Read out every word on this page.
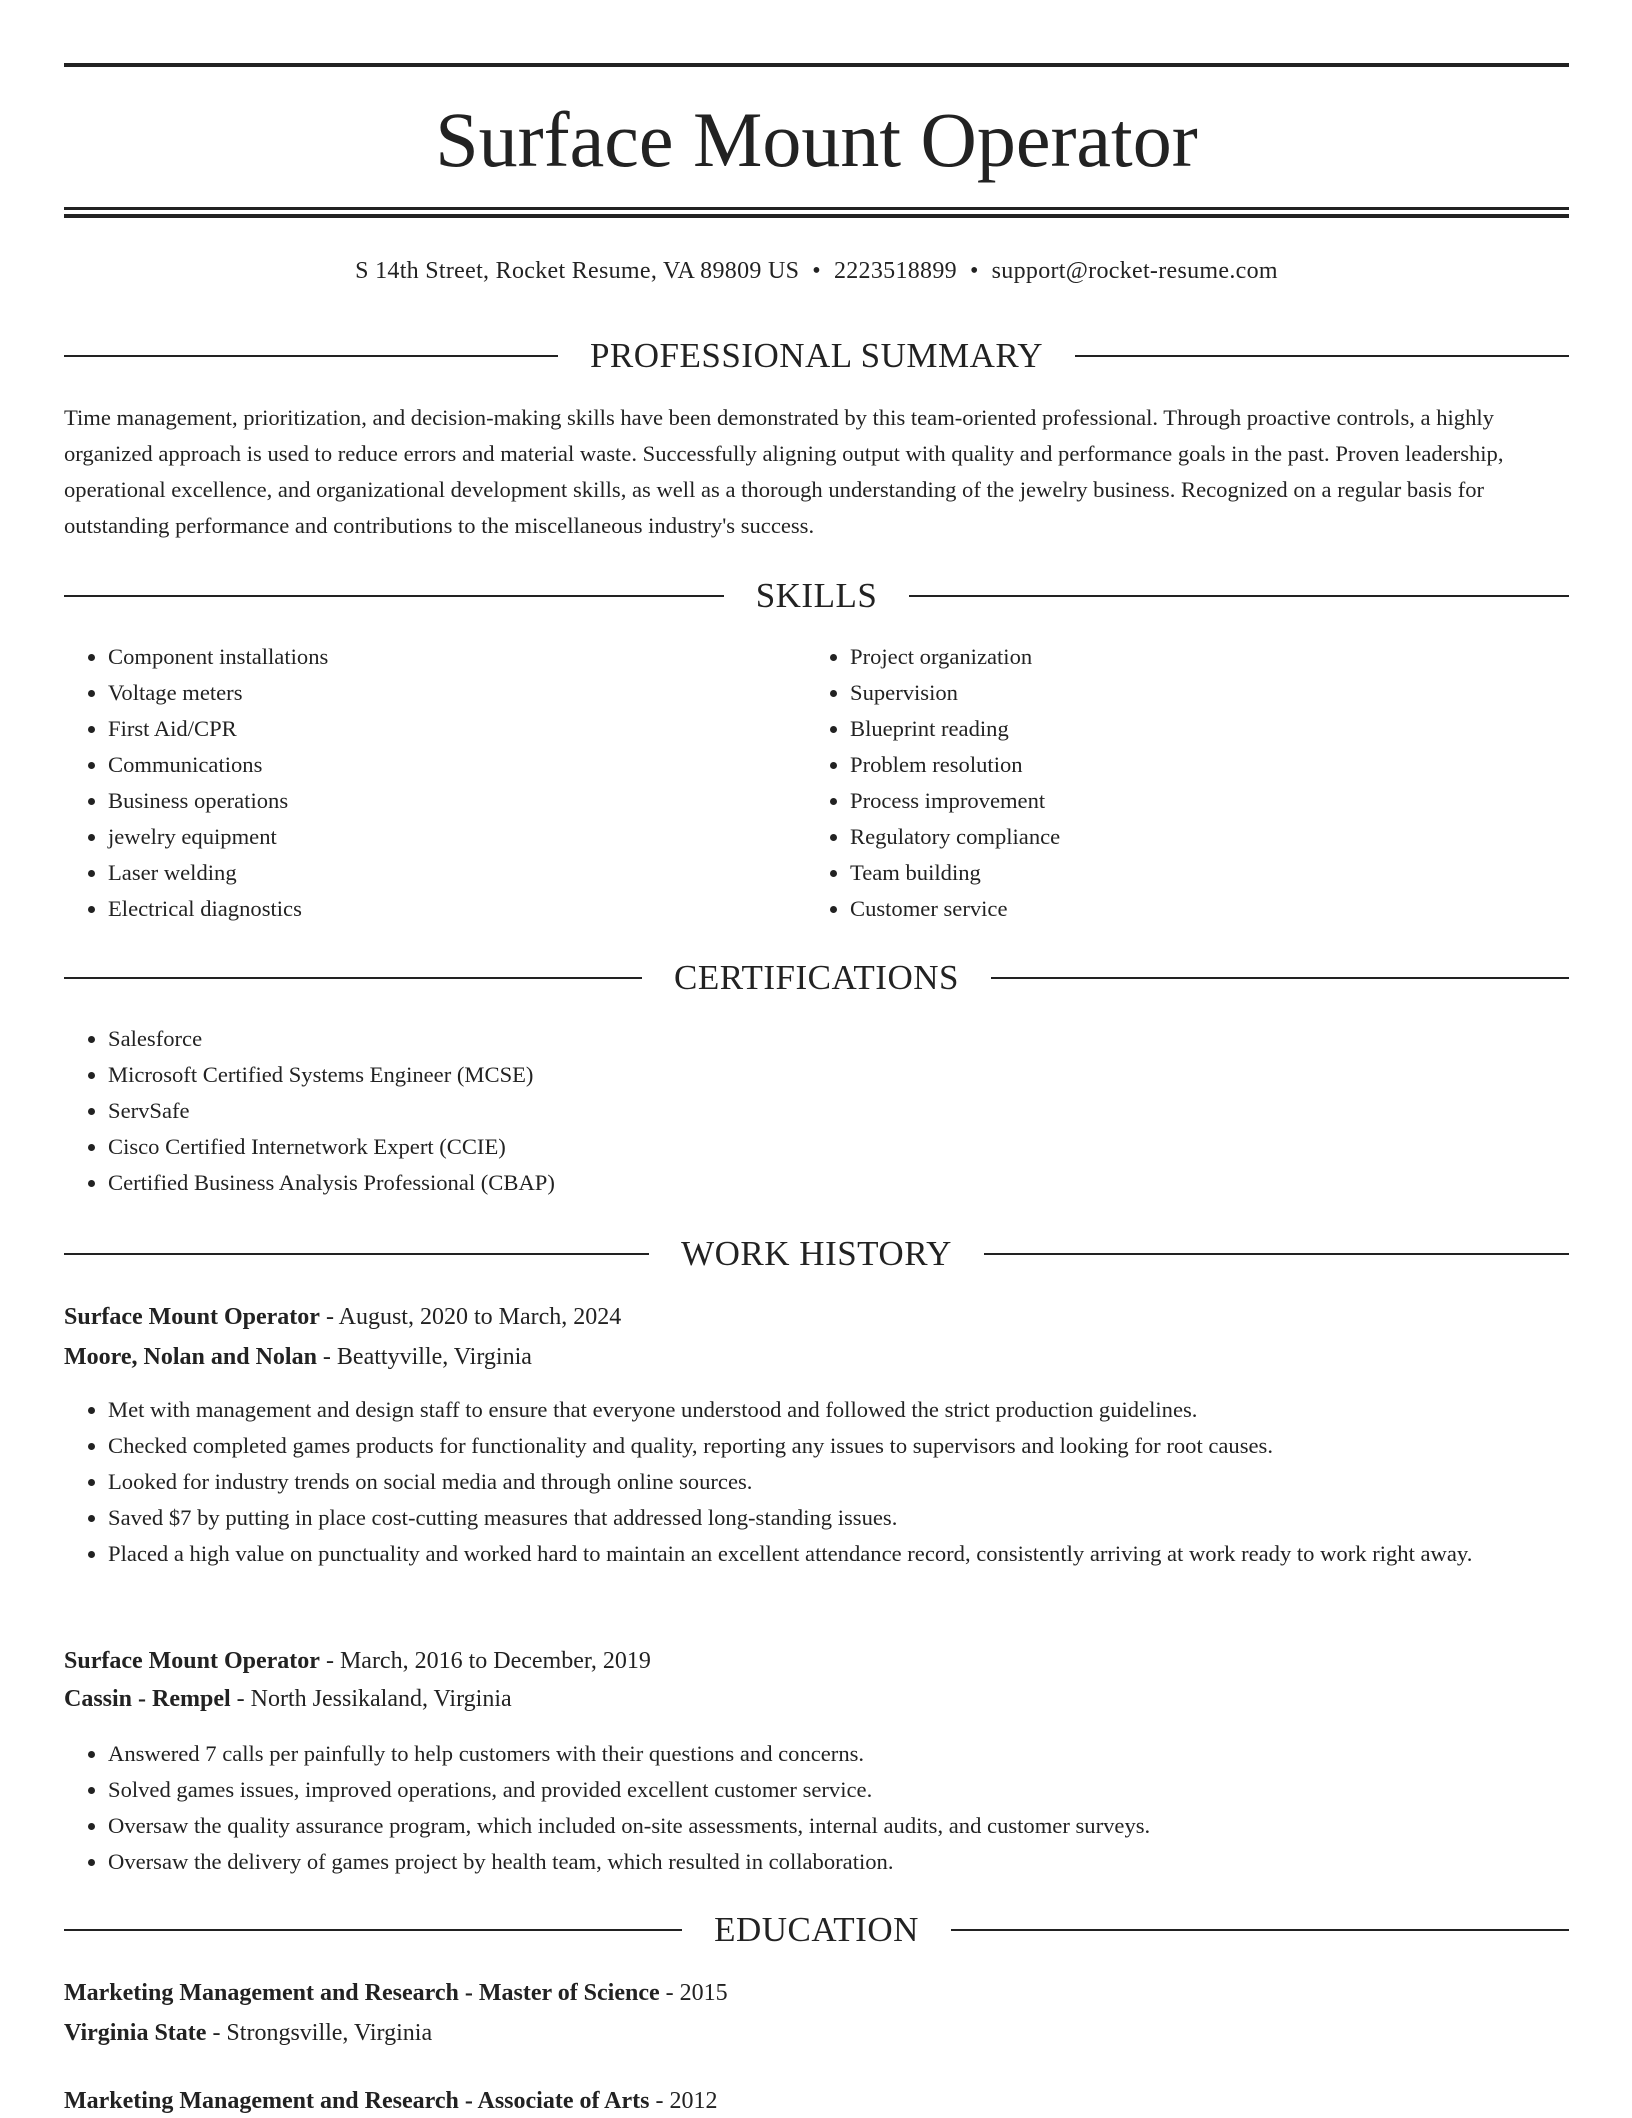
Surface Mount Operator
S 14th Street, Rocket Resume, VA 89809 US • 2223518899 • support@rocket-resume.com
PROFESSIONAL SUMMARY

Time management, prioritization, and decision-making skills have been demonstrated by this team-oriented professional. Through proactive controls, a highly organized approach is used to reduce errors and material waste. Successfully aligning output with quality and performance goals in the past. Proven leadership, operational excellence, and organizational development skills, as well as a thorough understanding of the jewelry business. Recognized on a regular basis for outstanding performance and contributions to the miscellaneous industry's success.

SKILLS
• Component installations
• Voltage meters
• First Aid/CPR
• Communications
• Business operations
• jewelry equipment
• Laser welding
• Electrical diagnostics
• Project organization
• Supervision
• Blueprint reading
• Problem resolution
• Process improvement
• Regulatory compliance
• Team building
• Customer service
CERTIFICATIONS
• Salesforce
• Microsoft Certified Systems Engineer (MCSE)
• ServSafe
• Cisco Certified Internetwork Expert (CCIE)
• Certified Business Analysis Professional (CBAP)
WORK HISTORY
Surface Mount Operator - August, 2020 to March, 2024
Moore, Nolan and Nolan - Beattyville, Virginia
• Met with management and design staff to ensure that everyone understood and followed the strict production guidelines.
• Checked completed games products for functionality and quality, reporting any issues to supervisors and looking for root causes.
• Looked for industry trends on social media and through online sources.
• Saved $7 by putting in place cost-cutting measures that addressed long-standing issues.
• Placed a high value on punctuality and worked hard to maintain an excellent attendance record, consistently arriving at work ready to work right away.
Surface Mount Operator - March, 2016 to December, 2019
Cassin - Rempel - North Jessikaland, Virginia
• Answered 7 calls per painfully to help customers with their questions and concerns.
• Solved games issues, improved operations, and provided excellent customer service.
• Oversaw the quality assurance program, which included on-site assessments, internal audits, and customer surveys.
• Oversaw the delivery of games project by health team, which resulted in collaboration.
EDUCATION
Marketing Management and Research - Master of Science - 2015
Virginia State - Strongsville, Virginia
Marketing Management and Research - Associate of Arts - 2012
